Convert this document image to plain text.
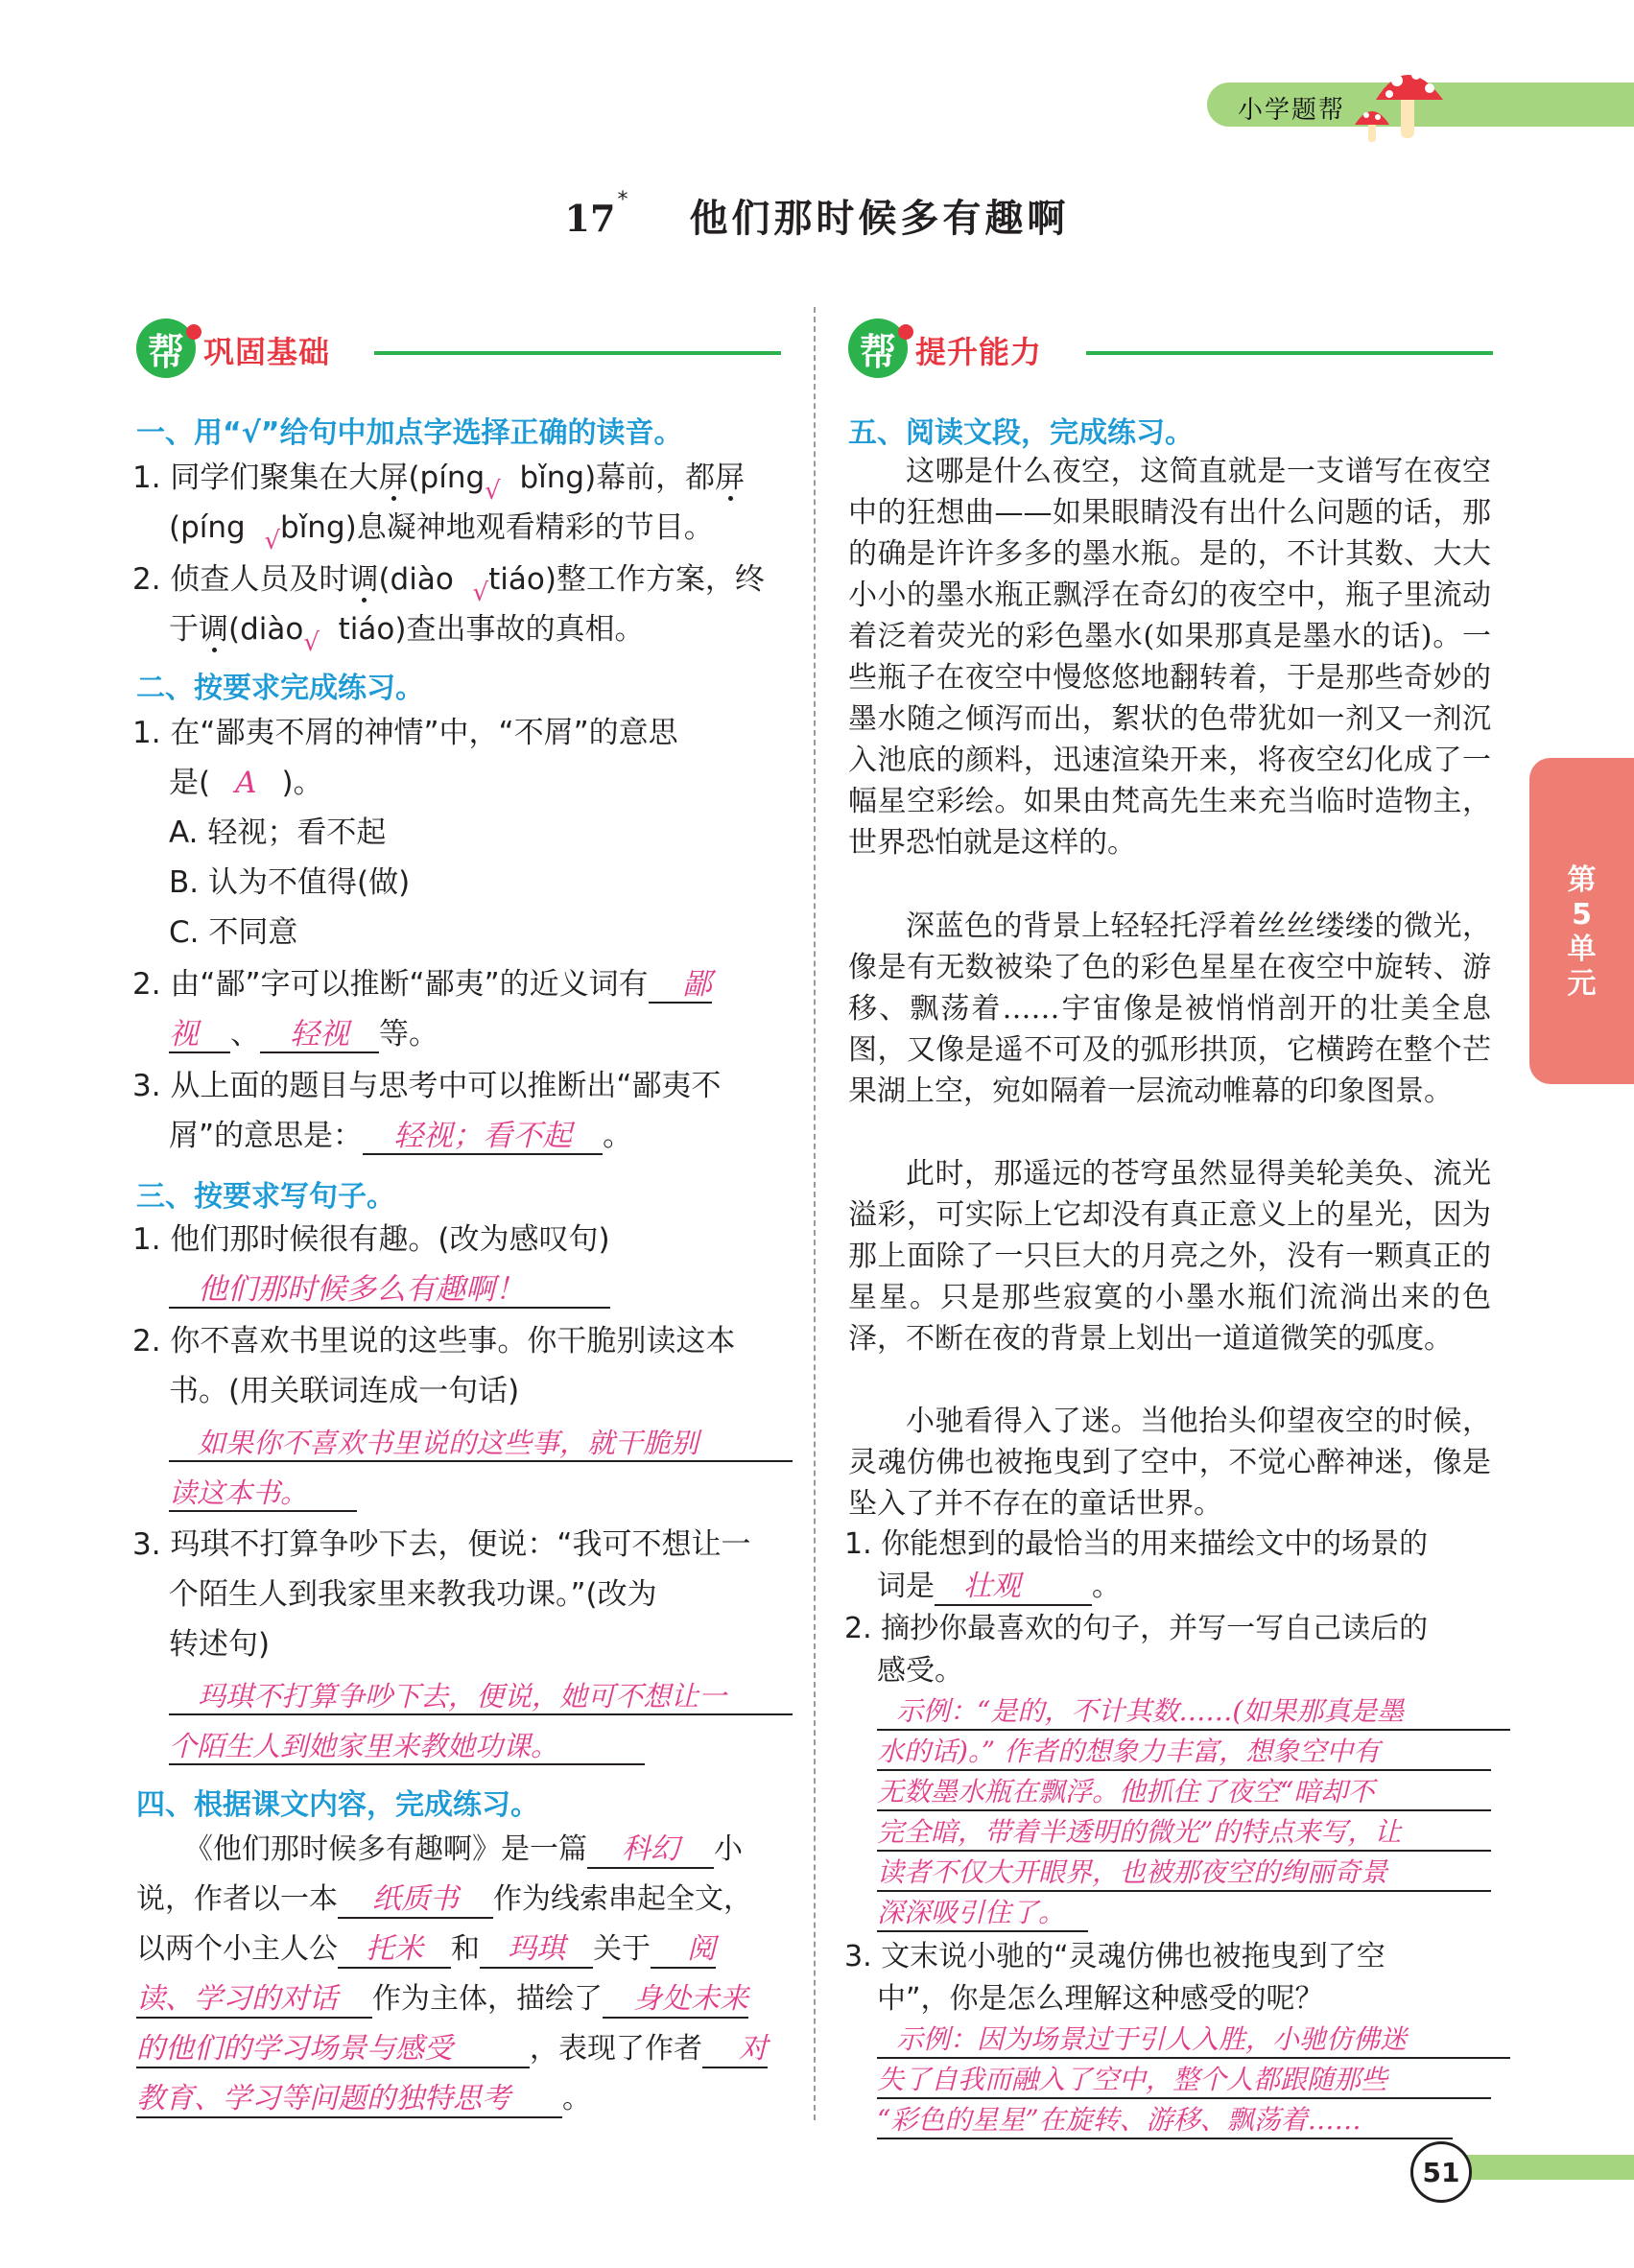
小学题帮
17* 他们那时候多有趣啊
帮 巩固基础	帮 提升能力
一、用“√”给句中加点字选择正确的读音。
1. 同学们聚集在大屏(píng$_√$ bǐng)幕前，都屏
(píng $_√$bǐng)息凝神地观看精彩的节目。
2. 侦查人员及时调(diào $_√$tiáo)整工作方案，终
于调(diào$_√$ tiáo)查出事故的真相。
二、按要求完成练习。
1. 在“鄙夷不屑的神情”中，“不屑”的意思
是( A )。
A. 轻视；看不起
B. 认为不值得(做)
C. 不同意
2. 由“鄙”字可以推断“鄙夷”的近义词有 鄙
视 、 轻视 等。
3. 从上面的题目与思考中可以推断出“鄙夷不
屑”的意思是： 轻视；看不起 。
三、按要求写句子。
1. 他们那时候很有趣。(改为感叹句)
他们那时候多么有趣啊！
2. 你不喜欢书里说的这些事。你干脆别读这本
书。(用关联词连成一句话)
如果你不喜欢书里说的这些事，就干脆别
读这本书。
3. 玛琪不打算争吵下去，便说：“我可不想让一
个陌生人到我家里来教我功课。”(改为
转述句)
玛琪不打算争吵下去，便说，她可不想让一
个陌生人到她家里来教她功课。
四、根据课文内容，完成练习。
《他们那时候多有趣啊》是一篇 科幻 小
说，作者以一本 纸质书 作为线索串起全文，
以两个小主人公 托米 和 玛琪 关于 阅
读、学习的对话 作为主体，描绘了 身处未来
的他们的学习场景与感受	，表现了作者 对
教育、学习等问题的独特思考 。
五、阅读文段，完成练习。
这哪是什么夜空，这简直就是一支谱写在夜空中的狂想曲——如果眼睛没有出什么问题的话，那的确是许许多多的墨水瓶。是的，不计其数、大大小小的墨水瓶正飘浮在奇幻的夜空中，瓶子里流动着泛着荧光的彩色墨水(如果那真是墨水的话)。一些瓶子在夜空中慢悠悠地翻转着，于是那些奇妙的墨水随之倾泻而出，絮状的色带犹如一剂又一剂沉入池底的颜料，迅速渲染开来，将夜空幻化成了一幅星空彩绘。如果由梵高先生来充当临时造物主，世界恐怕就是这样的。
深蓝色的背景上轻轻托浮着丝丝缕缕的微光，像是有无数被染了色的彩色星星在夜空中旋转、游移、飘荡着……宇宙像是被悄悄剖开的壮美全息图，又像是遥不可及的弧形拱顶，它横跨在整个芒果湖上空，宛如隔着一层流动帷幕的印象图景。
此时，那遥远的苍穹虽然显得美轮美奂、流光溢彩，可实际上它却没有真正意义上的星光，因为那上面除了一只巨大的月亮之外，没有一颗真正的星星。只是那些寂寞的小墨水瓶们流淌出来的色泽，不断在夜的背景上划出一道道微笑的弧度。
小驰看得入了迷。当他抬头仰望夜空的时候，灵魂仿佛也被拖曳到了空中，不觉心醉神迷，像是坠入了并不存在的童话世界。
1. 你能想到的最恰当的用来描绘文中的场景的
词是 壮观 。
2. 摘抄你最喜欢的句子，并写一写自己读后的
感受。
示例：“是的，不计其数……(如果那真是墨
水的话)。” 作者的想象力丰富，想象空中有
无数墨水瓶在飘浮。他抓住了夜空“暗却不
完全暗，带着半透明的微光”的特点来写，让
读者不仅大开眼界，也被那夜空的绚丽奇景
深深吸引住了。
3. 文末说小驰的“灵魂仿佛也被拖曳到了空
中”，你是怎么理解这种感受的呢？
示例：因为场景过于引人入胜，小驰仿佛迷
失了自我而融入了空中，整个人都跟随那些
“彩色的星星”在旋转、游移、飘荡着……
第
5
单
元
51
